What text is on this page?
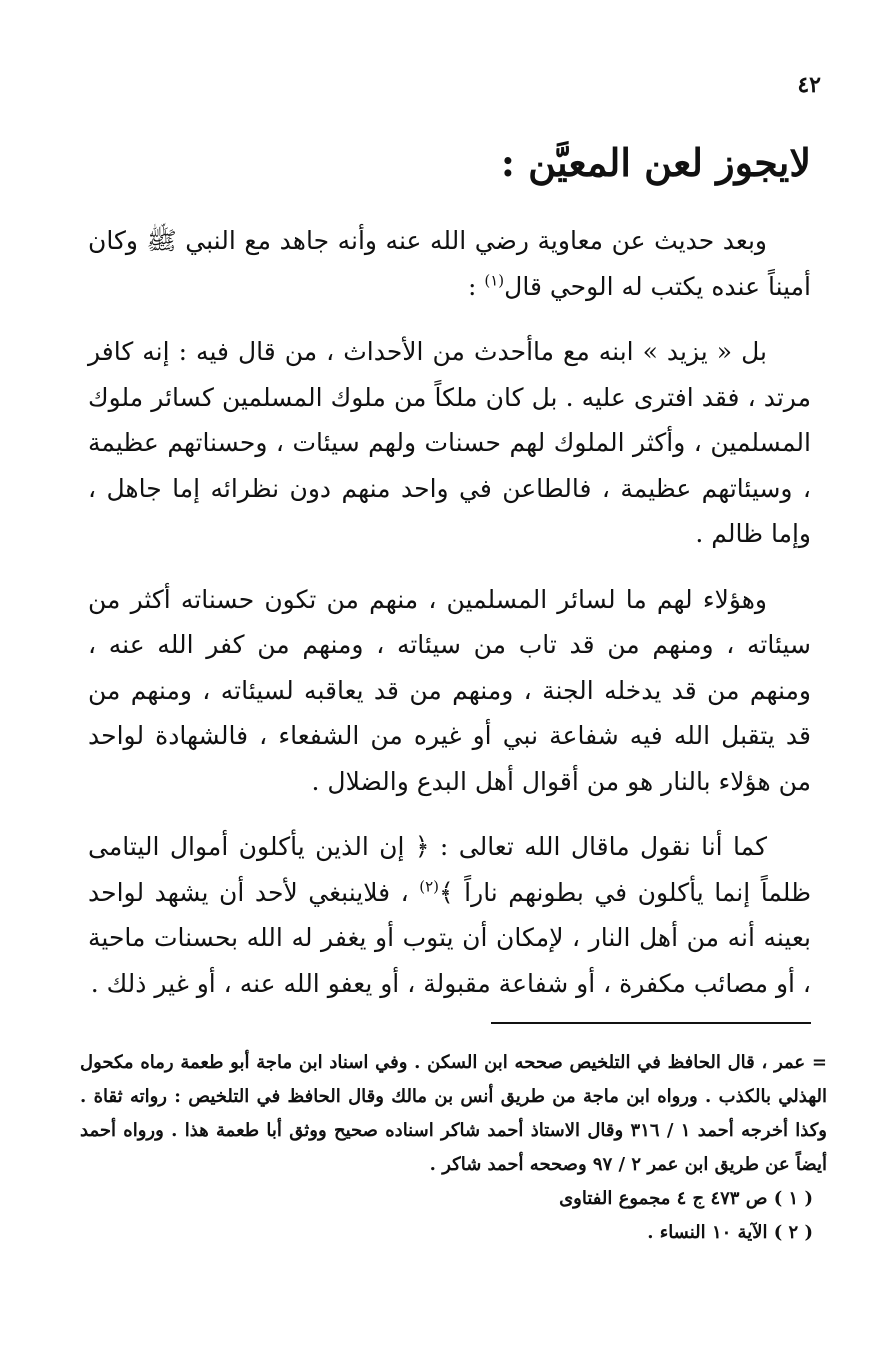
٤٢
لايجوز لعن المعيَّن :

وبعد حديث عن معاوية رضي الله عنه وأنه جاهد مع النبي ﷺ وكان أميناً عنده يكتب له الوحي قال$^{(١)}$ :

بل « يزيد » ابنه مع ماأحدث من الأحداث ، من قال فيه : إنه كافر مرتد ، فقد افترى عليه . بل كان ملكاً من ملوك المسلمين كسائر ملوك المسلمين ، وأكثر الملوك لهم حسنات ولهم سيئات ، وحسناتهم عظيمة ، وسيئاتهم عظيمة ، فالطاعن في واحد منهم دون نظرائه إما جاهل ، وإما ظالم .

وهؤلاء لهم ما لسائر المسلمين ، منهم من تكون حسناته أكثر من سيئاته ، ومنهم من قد تاب من سيئاته ، ومنهم من كفر الله عنه ، ومنهم من قد يدخله الجنة ، ومنهم من قد يعاقبه لسيئاته ، ومنهم من قد يتقبل الله فيه شفاعة نبي أو غيره من الشفعاء ، فالشهادة لواحد من هؤلاء بالنار هو من أقوال أهل البدع والضلال .

كما أنا نقول ماقال الله تعالى : ﴿ إن الذين يأكلون أموال اليتامى ظلماً إنما يأكلون في بطونهم ناراً ﴾$^{(٢)}$ ، فلاينبغي لأحد أن يشهد لواحد بعينه أنه من أهل النار ، لإمكان أن يتوب أو يغفر له الله بحسنات ماحية ، أو مصائب مكفرة ، أو شفاعة مقبولة ، أو يعفو الله عنه ، أو غير ذلك .

= عمر ، قال الحافظ في التلخيص صححه ابن السكن . وفي اسناد ابن ماجة أبو طعمة رماه مكحول الهذلي بالكذب . ورواه ابن ماجة من طريق أنس بن مالك وقال الحافظ في التلخيص : رواته ثقاة . وكذا أخرجه أحمد ١ / ٣١٦ وقال الاستاذ أحمد شاكر اسناده صحيح ووثق أبا طعمة هذا . ورواه أحمد أيضاً عن طريق ابن عمر ٢ / ٩٧ وصححه أحمد شاكر .

( ١ ) ص ٤٧٣ ج ٤ مجموع الفتاوى

( ٢ ) الآية ١٠ النساء .
